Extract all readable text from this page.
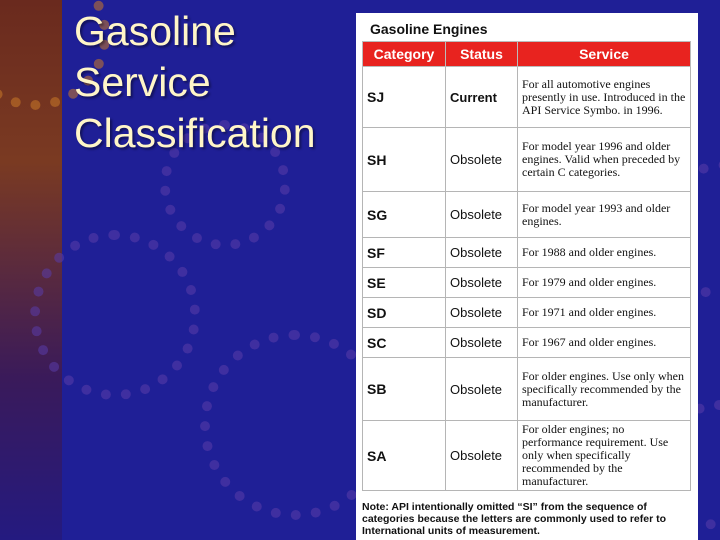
Gasoline
Service
Classification
Gasoline Engines
Category	Status	Service
SJ	Current	For all automotive engines presently in use. Introduced in the API Service Symbo. in 1996.
SH	Obsolete	For model year 1996 and older engines. Valid when preceded by certain C categories.
SG	Obsolete	For model year 1993 and older engines.
SF	Obsolete	For 1988 and older engines.
SE	Obsolete	For 1979 and older engines.
SD	Obsolete	For 1971 and older engines.
SC	Obsolete	For 1967 and older engines.
SB	Obsolete	For older engines. Use only when specifically recommended by the manufacturer.
SA	Obsolete	For older engines; no performance requirement. Use only when specifically recommended by the manufacturer.
Note: API intentionally omitted “SI” from the sequence of categories because the letters are commonly used to refer to International units of measurement.
